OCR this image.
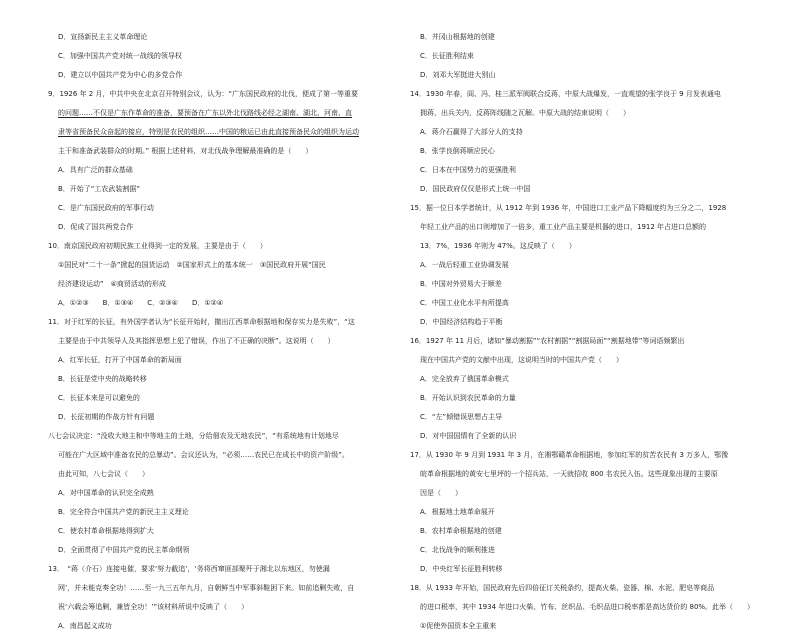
D．宣扬新民主主义革命理论
C．加强中国共产党对统一战线的领导权
D．建立以中国共产党为中心的多党合作
9．1926 年 2 月，中共中央在北京召开特别会议，认为：“广东国民政府的北伐，便成了第一等重要
的问题……不仅是广东作革命的准备，要预备在广东以外北伐路线必经之湖南、湖北、河南、直
隶等省预备民众奋起的接应，特别是农民的组织……中国的粮运已由此直接预备民众的组织为运动
主干和准备武装群众的时期。” 根据上述材料，对北伐战争理解最准确的是（　　）
A．具有广泛的群众基础
B．开始了“工农武装割据”
C．是广东国民政府的军事行动
D．促成了国共两党合作
10．南京国民政府初期民族工业得到一定的发展，主要是由于（　　）
①国民对“二十一条”掀起的国货运动　②国家形式上的基本统一　③国民政府开展“国民
经济建设运动”　④商贸活动的形成
A．①②③　　B．①③④　　C．②③④　　D．①②④
11．对于红军的长征，有外国学者认为“长征开始时，撤出江西革命根据地和保存实力是失败”，“这
主要是由于中共领导人及其指挥思想上犯了错误，作出了不正确的决断”。这说明（　　）
A．红军长征，打开了中国革命的新局面
B．长征是党中央的战略转移
C．长征本来是可以避免的
D．长征初期的作战方针有问题
八七会议决定：“没收大地主和中等地主的土地，分给佃农及无地农民”，“有系统地有计划地尽
可能在广大区域中准备农民的总暴动”。会议还认为，“必须……农民已在成长中的资产阶级”。
由此可知，八七会议（　　）
A．对中国革命的认识完全成熟
B．完全符合中国共产党的新民主主义理论
C．使农村革命根据地得到扩大
D．全面贯彻了中国共产党的民主革命纲领
13．　“蒋（介石）连接电催，要求‘努力截追’，‘务将西窜匪部聚歼于湘北以东地区，勿使漏
网’，并未能克奏全功！……至一九三五年九月，自朝鲜当中军事斜鞋困下来。如前追剿失败，自
祝‘六载会筹追剿，兼皆全功！’”该材料所说中反映了（　　）
A．南昌起义成功
B．井冈山根据地的创建
C．长征胜利结束
D．刘邓大军挺进大别山
14．1930 年春，阎、冯、桂三派军阀联合反蒋，中原大战爆发，一直观望的张学良于 9 月发表通电
拥蒋，出兵关内，反蒋阵线随之瓦解。中原大战的结束说明（　　）
A．蒋介石赢得了大部分人的支持
B．张学良倒蒋顺应民心
C．日本在中国势力的更强胜利
D．国民政府仅仅是形式上统一中国
15．据一位日本学者统计，从 1912 年到 1936 年，中国进口工业产品下降幅度约为三分之二，1928
年轻工业产品的出口则增加了一倍多，重工业产品主要是机器的进口，1912 年占进口总额的
13．7%，1936 年则为 47%。这反映了（　　）
A．一战后轻重工业协调发展
B．中国对外贸易大于顺差
C．中国工业化水平有所提高
D．中国经济结构趋于平衡
16．1927 年 11 月后，诸如“暴动割据”“农村割据”“割据局面”“割据地带”等词语频繁出
现在中国共产党的文献中出现，这说明当时的中国共产党（　　）
A．完全放弃了俄国革命模式
B．开始认识到农民革命的力量
C．“左”倾错误思想占主导
D．对中国国情有了全新的认识
17．从 1930 年 9 月到 1931 年 3 月，在湘鄂赣革命根据地，参加红军的贫苦农民有 3 万多人，鄂豫
皖革命根据地的黄安七里坪的一个招兵站，一天就招收 800 名农民入伍。这些现象出现的主要原
因是（　　）
A．根据地土地革命展开
B．农村革命根据地的创建
C．北伐战争的顺利推进
D．中央红军长征胜利转移
18．从 1933 年开始，国民政府先后四倍征订关税条约，提高火柴、瓷器、棉、水泥、肥皂等商品
的进口税率，其中 1934 年进口火柴、竹布、丝织品、毛织品进口税率都是高达货价的 80%。此举（　　）
①促使外国资本全主重来
